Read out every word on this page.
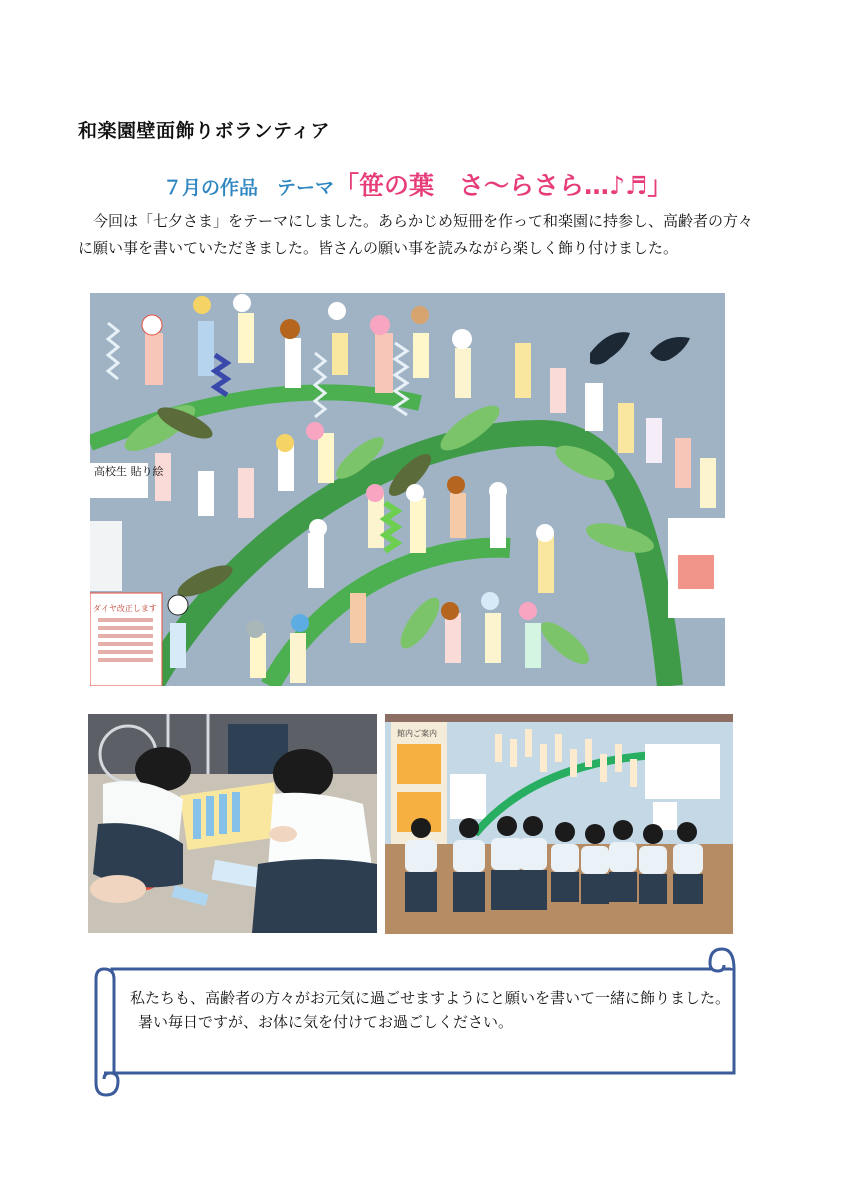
和楽園壁面飾りボランティア
７月の作品　テーマ「笹の葉　さ〜らさら…♪♬」
今回は「七夕さま」をテーマにしました。あらかじめ短冊を作って和楽園に持参し、高齢者の方々に願い事を書いていただきました。皆さんの願い事を読みながら楽しく飾り付けました。
高校生 貼り絵
ダイヤ改正します
館内ご案内

私たちも、高齢者の方々がお元気に過ごせますようにと願いを書いて一緒に飾りました。

暑い毎日ですが、お体に気を付けてお過ごしください。
